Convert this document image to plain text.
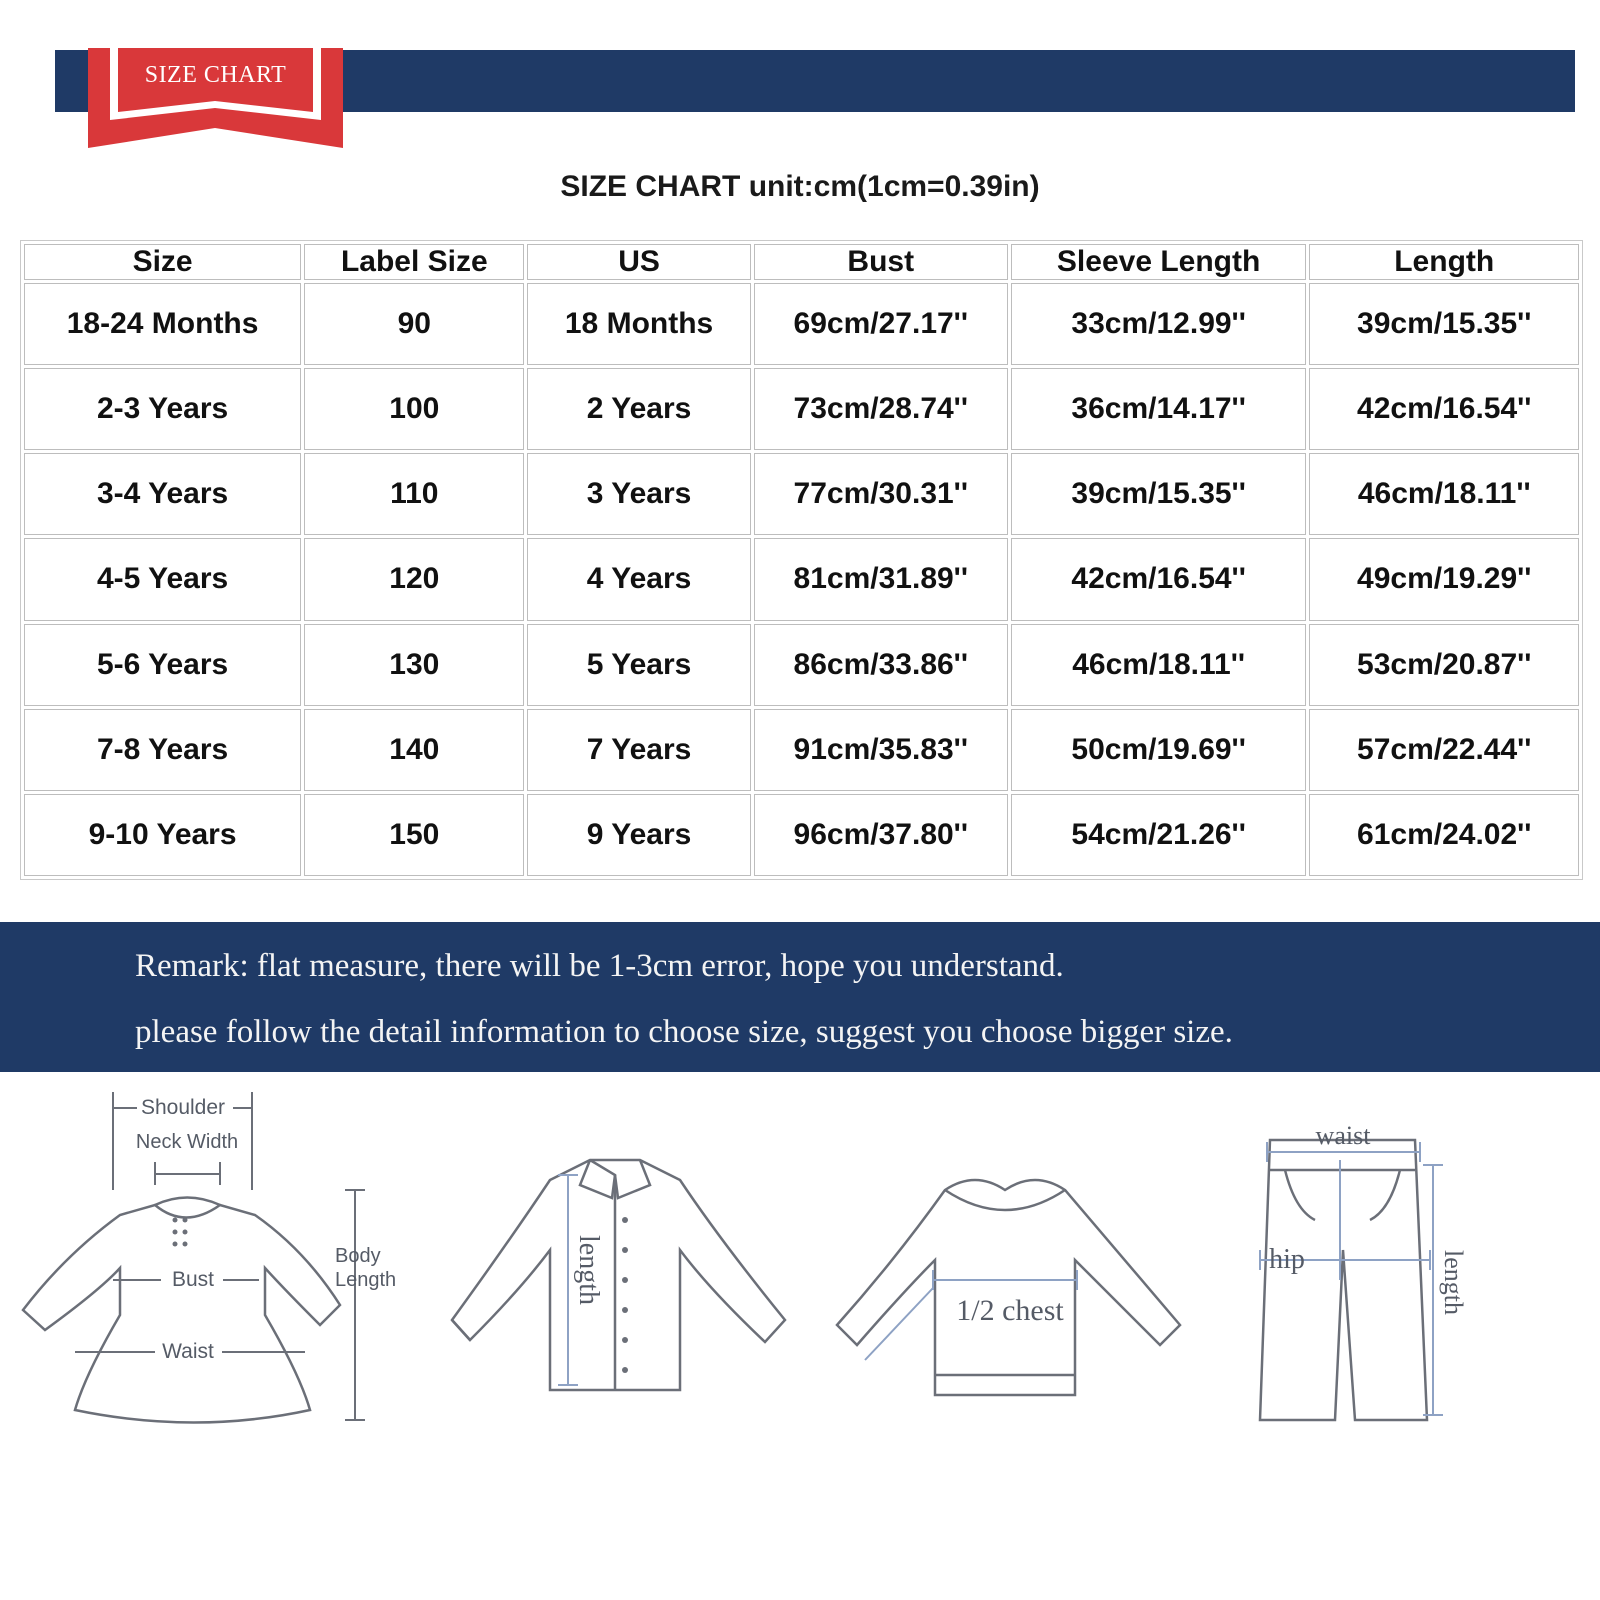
SIZE CHART
SIZE CHART unit:cm(1cm=0.39in)
Size	Label Size	US	Bust	Sleeve Length	Length
18-24 Months	90	18 Months	69cm/27.17''	33cm/12.99''	39cm/15.35''
2-3 Years	100	2 Years	73cm/28.74''	36cm/14.17''	42cm/16.54''
3-4 Years	110	3 Years	77cm/30.31''	39cm/15.35''	46cm/18.11''
4-5 Years	120	4 Years	81cm/31.89''	42cm/16.54''	49cm/19.29''
5-6 Years	130	5 Years	86cm/33.86''	46cm/18.11''	53cm/20.87''
7-8 Years	140	7 Years	91cm/35.83''	50cm/19.69''	57cm/22.44''
9-10 Years	150	9 Years	96cm/37.80''	54cm/21.26''	61cm/24.02''
Remark: flat measure, there will be 1-3cm error, hope you understand.
please follow the detail information to choose size, suggest you choose bigger size.
Shoulder
Neck Width
Bust
Waist
Body
Length	length
1/2 chest
waist
hip	length
